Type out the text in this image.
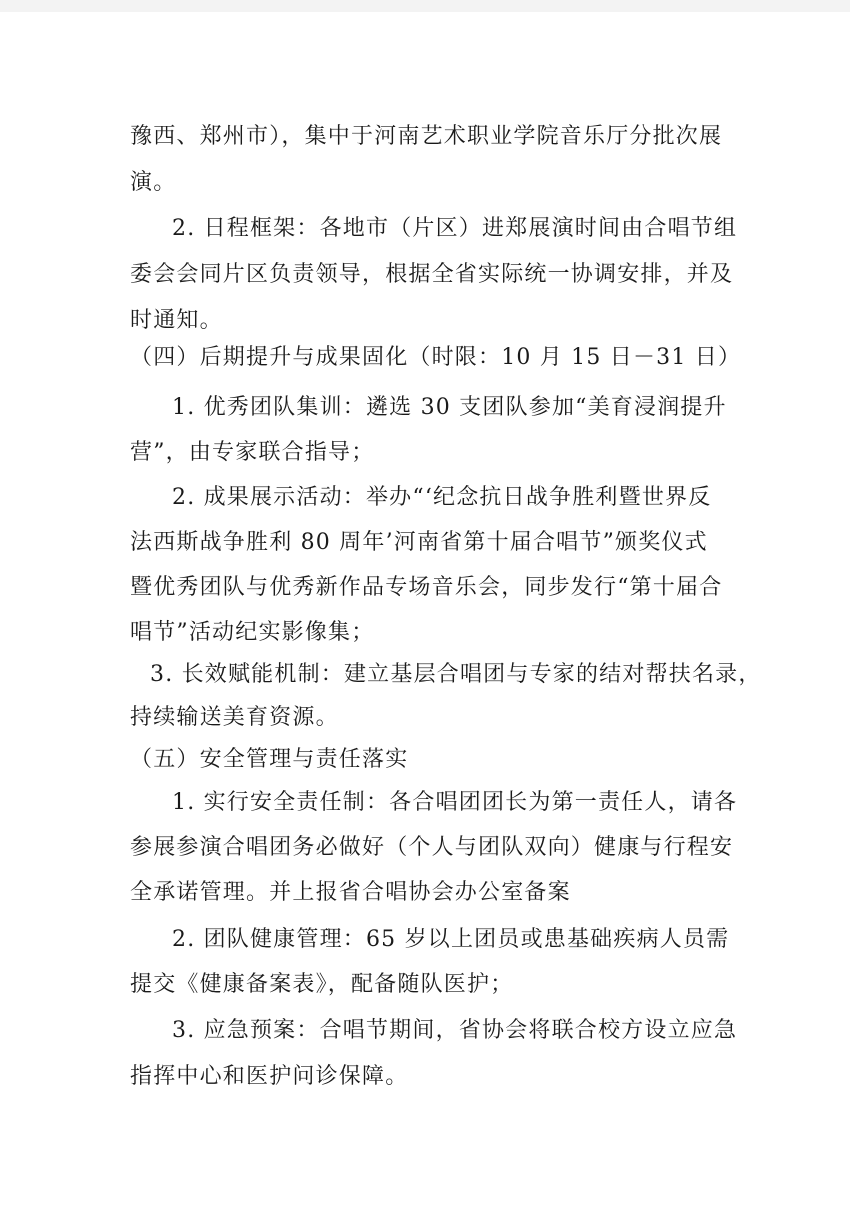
豫西、郑州市），集中于河南艺术职业学院音乐厅分批次展
演。
2. 日程框架：各地市（片区）进郑展演时间由合唱节组
委会会同片区负责领导，根据全省实际统一协调安排，并及
时通知。
（四）后期提升与成果固化（时限：10 月 15 日－31 日）
1. 优秀团队集训：遴选 30 支团队参加“美育浸润提升
营”，由专家联合指导；
2. 成果展示活动：举办“‘纪念抗日战争胜利暨世界反
法西斯战争胜利 80 周年’河南省第十届合唱节”颁奖仪式
暨优秀团队与优秀新作品专场音乐会，同步发行“第十届合
唱节”活动纪实影像集；
3. 长效赋能机制：建立基层合唱团与专家的结对帮扶名录，
持续输送美育资源。
（五）安全管理与责任落实
1. 实行安全责任制：各合唱团团长为第一责任人，请各
参展参演合唱团务必做好（个人与团队双向）健康与行程安
全承诺管理。并上报省合唱协会办公室备案
2. 团队健康管理：65 岁以上团员或患基础疾病人员需
提交《健康备案表》，配备随队医护；
3. 应急预案：合唱节期间，省协会将联合校方设立应急
指挥中心和医护问诊保障。
